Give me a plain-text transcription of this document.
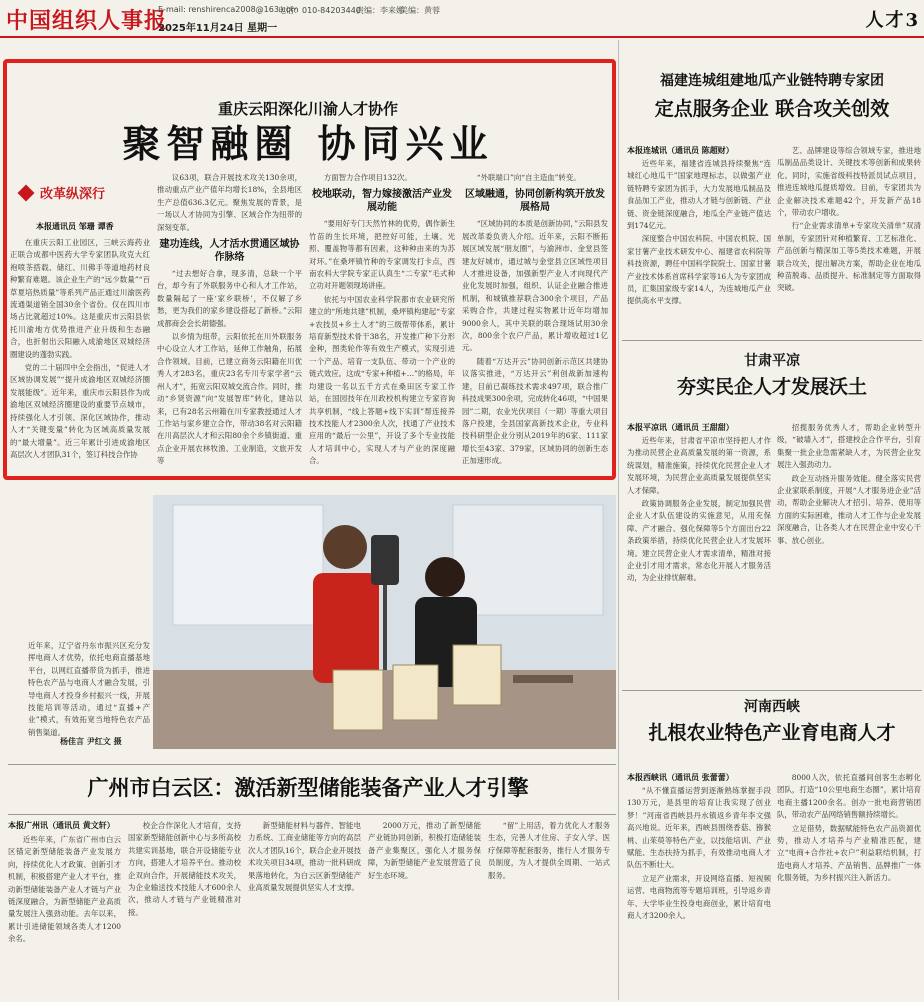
中国组织人事报
E-mail: renshirenca2008@163.com
电话：010-84203440
责编：李来娜
美编：黄蓉
2025年11月24日 星期一	人才3
重庆云阳深化川渝人才协作
聚智融圈 协同兴业
改革纵深行
本报通讯员 邹珊 谭香

在重庆云阳工业园区，三峡云海药业正联合成都中医药大学专家团队攻克大红袍喷茶搭载、储红、川佛手等道地药材良种繁育难题。该企业生产的“远少数量”“百草夏培热质量”等系列产品正通过川渝医药流通渠道销全国30余个省份。仅在四川市场占比就超过10%。这是重庆市云阳县依托川渝地方优势推进产业升级和生态融合，也折射出云阳融入成渝地区双城经济圈建设的蓬勃实践。

党的二十届四中全会指出，“促进人才区域协调发展”“提升成渝地区双城经济圈发展能级”。近年来，重庆市云阳县作为成渝地区双城经济圈建设的重要节点城市，持续强化人才引领、深化区域协作，推动人才“关键变量”转化为区域高质量发展的“最大增量”。近三年累计引进成渝地区高层次人才团队31个，签订科技合作协

议63项，联合开展技术攻关130余项，推动重点产业产值年均增长18%，全县地区生产总值636.3亿元。聚焦发展的背景，是一场以人才协同为引擎、区域合作为纽带的深刻变革。

建功连线，人才活水贯通区域协作脉络

“过去想好合拿，现多清，总缺一个平台，却今有了外联服务中心和人才工作站，数量隔起了一座‘家乡联桥’，不仅解了乡愁，更为我们的家乡建设搭起了新桥。”云阳成都商会会长胡德强。

以乡情为纽带，云阳依托在川外联服务中心设立人才工作站，延伸工作触角，拓展合作领域。目前，已建立商务云阳籍在川优秀人才283名，重庆23名专川专家学者“云州人才”，拓宽云阳双城交流合作。同时，推动“乡贤资源”向“发展智库”转化，建站以来，已有28名云州籍在川专家教授通过人才工作站与家乡建立合作，带动38名对云阳籍在川高层次人才和云阳80余个乡镇街道、重点企业开展农林牧渔、工业制造，文旅开发等

方面智力合作项目132次。

校地联动，智力嫁接激活产业发展动能

“要用好专门天然竹林的优势，偶作新生竹苗的生长环境，把控好可能，土壤、光照、覆盖物等都有因素，这种种由来的为苏对环。”在桑坪镇竹种的专家调发打卡点，西南农科大学院专家正认真生“二专家”毛式种立功对开题领现场讲座。

依托与中国农业科学院都市农业研究所建立的“所地共建”机制，桑坪镇构建起“专家+农技员+乡土人才”的三级帮带体系，累计培育新型技术骨干38名，开发推广种下分形金种，图类轮作等有效生产模式，实现引进一个产品、培育一支队伍、带动一个产业的链式效应。这成“专家+种植+…”的格局，年均建设一名以五千方式在桑田区专家工作站，在国园技年在川政校机构建立专家咨询共享机制，“线上答题+线下实训”帮连接养技术技能人才2300余人次，找通了产业技术应用的“最后一公里”，开设了多个专业技能人才培训中心，实现人才与产业的深度融合。

“外联端口”向“自主造血”转变。

区域融通，协同创新构筑开放发展格局

“区域协同的本质是创新协同，”云阳县发展改革委负责人介绍。近年来，云阳不断拓展区域发展“朋友圈”，与渝洲市、金堂县签建友好城市，通过城与金堂县立区域性项目人才推进设备，加强新型产业人才向现代产业化发展时加强，组织、认证企业融合推进机制，和城镇推荐联合300余个项目，产品采购合作，共建过程实物累计近年均增加9000余人，其中关联的联合现场试用30余次，800余个农户产品，累计增收超过1亿元。

随着“万达开云”协同创新示范区共建协议落实推进，“万达开云”利创战新加速构建，目前已凝练技术需求497项，联合推广科技成果300余项，完成转化46项，“中国果园”二期，农业光伏项目（一期）等重大项目落户投建，全县国家高新技术企业，专业科技科研型企业分别从2019年的6家、111家增长至43家、379家，区域协同的创新生态正加速形成。

近年来，辽宁省丹东市振兴区充分发挥电商人才优势，依托电商直播基地平台，以网红直播带货为抓手，推进特色农产品与电商人才融合发展，引导电商人才投身乡村振兴一线，开展技能培训等活动，通过“直播+产业”模式，有效拓宽当地特色农产品销售渠道。
杨佳言 尹红文 摄
广州市白云区：激活新型储能装备产业人才引擎
本报广州讯（通讯员 黄文轩）

近些年来，广东省广州市白云区锚定新型储能装备产业发展方向，持续优化人才政策、创新引才机制，积极搭建产业人才平台，推动新型储能装备产业人才链与产业链深度融合，为新型储能产业高质量发展注入强劲动能。去年以来，累计引进储能领域各类人才1200余名。

校企合作深化人才培育，支持国家新型储能创新中心与多所高校共建实训基地，联合开设储能专业方向，搭建人才培养平台。推动校企双向合作，开展储能技术攻关，为企业输送技术技能人才600余人次，推动人才链与产业链精准对接。

新型储能材料与器件、智能电力系统、工商业储能等方向的高层次人才团队16个，联合企业开展技术攻关项目34项，推动一批科研成果落地转化，为白云区新型储能产业高质量发展提供坚实人才支撑。

2000万元，推动了新型储能产业链协同创新，积极打造储能装备产业集聚区，强化人才服务保障，为新型储能产业发展营造了良好生态环境。

“留”上用活，着力优化人才服务生态，完善人才住房、子女入学、医疗保障等配套服务，推行人才服务专员制度，为人才提供全周期、一站式服务。

福建连城组建地瓜产业链特聘专家团
定点服务企业 联合攻关创效
本报连城讯（通讯员 陈超财）

近些年来，福建省连城县持续聚焦“连城红心地瓜干”国家地理标志，以做强产业链特聘专家团为抓手，大力发展地瓜制品及食品加工产业，推动人才链与创新链、产业链、资金链深度融合，地瓜全产业链产值达到174亿元。

深度整合中国农科院、中国农机院、国家甘薯产业技术研发中心、福建省农科院等科技资源，聘任中国科学院院士、国家甘薯产业技术体系首席科学家等16人为专家团成员，汇集国家级专家14人，为连城地瓜产业提供高水平支撑。

艺、品牌建设等综合领域专家，推进地瓜制品品类设计、关键技术等创新和成果转化。同时，实施省级科技特派员试点项目，推进连城地瓜提质增效。目前，专家团共为企业解决技术难题42个，开发新产品18个，带动农户增收。

行“企业需求清单+专家攻关清单”双清单制，专家团针对种植繁育、工艺标准化、产品创新与精深加工等5类技术难题，开展联合攻关，提出解决方案，帮助企业在地瓜种苗脱毒、品质提升、标准制定等方面取得突破。

甘肃平凉
夯实民企人才发展沃土
本报平凉讯（通讯员 王甜甜）

近些年来，甘肃省平凉市坚持把人才作为推动民营企业高质量发展的第一资源，系统谋划，精准施策，持续优化民营企业人才发展环境，为民营企业高质量发展提供坚实人才保障。

政策协调服务企业发展，制定加强民营企业人才队伍建设的实施意见，从用充保障、产才融合、强化保障等5个方面出台22条政策举措，持续优化民营企业人才发展环境。建立民营企业人才需求清单，精准对接企业引才用才需求，常态化开展人才服务活动，为企业排忧解难。

招揽服务优秀人才，帮助企业转型升级，“破墙入才”，搭建校企合作平台，引育集聚一批企业急需紧缺人才，为民营企业发展注入强劲动力。

政企互动扬升服务效能。健全落实民营企业家联系制度，开展“人才服务进企业”活动，帮助企业解决人才招引、培养、使用等方面的实际困难，推动人才工作与企业发展深度融合，让各类人才在民营企业中安心干事、放心创业。

河南西峡
扎根农业特色产业育电商人才
本报西峡讯（通讯员 张蕾蕾）

“从不懂直播运营到逐渐熟练掌握手段130万元，是县里的培育让我实现了创业梦！”河南省西峡县丹水镇返乡青年李文强高兴地说。近年来，西峡县围绕香菇、猕猴桃、山茱萸等特色产业，以技能培训、产业赋能、生态扶持为抓手，有效推动电商人才队伍不断壮大。

立足产业需求，开设网络直播、短视频运营、电商物流等专题培训班，引导返乡青年、大学毕业生投身电商创业，累计培育电商人才3200余人。

8000人次，依托直播间创客生态孵化团队，打造“10公里电商生态圈”，累计培育电商主播1200余名。创办一批电商营销团队，带动农产品网络销售额持续增长。

立足借势，数据赋能特色农产品资源优势，推动人才培养与产业精准匹配，建立“电商+合作社+农户”利益联结机制，打造电商人才培养、产品销售、品牌推广一体化服务链，为乡村振兴注入新活力。
